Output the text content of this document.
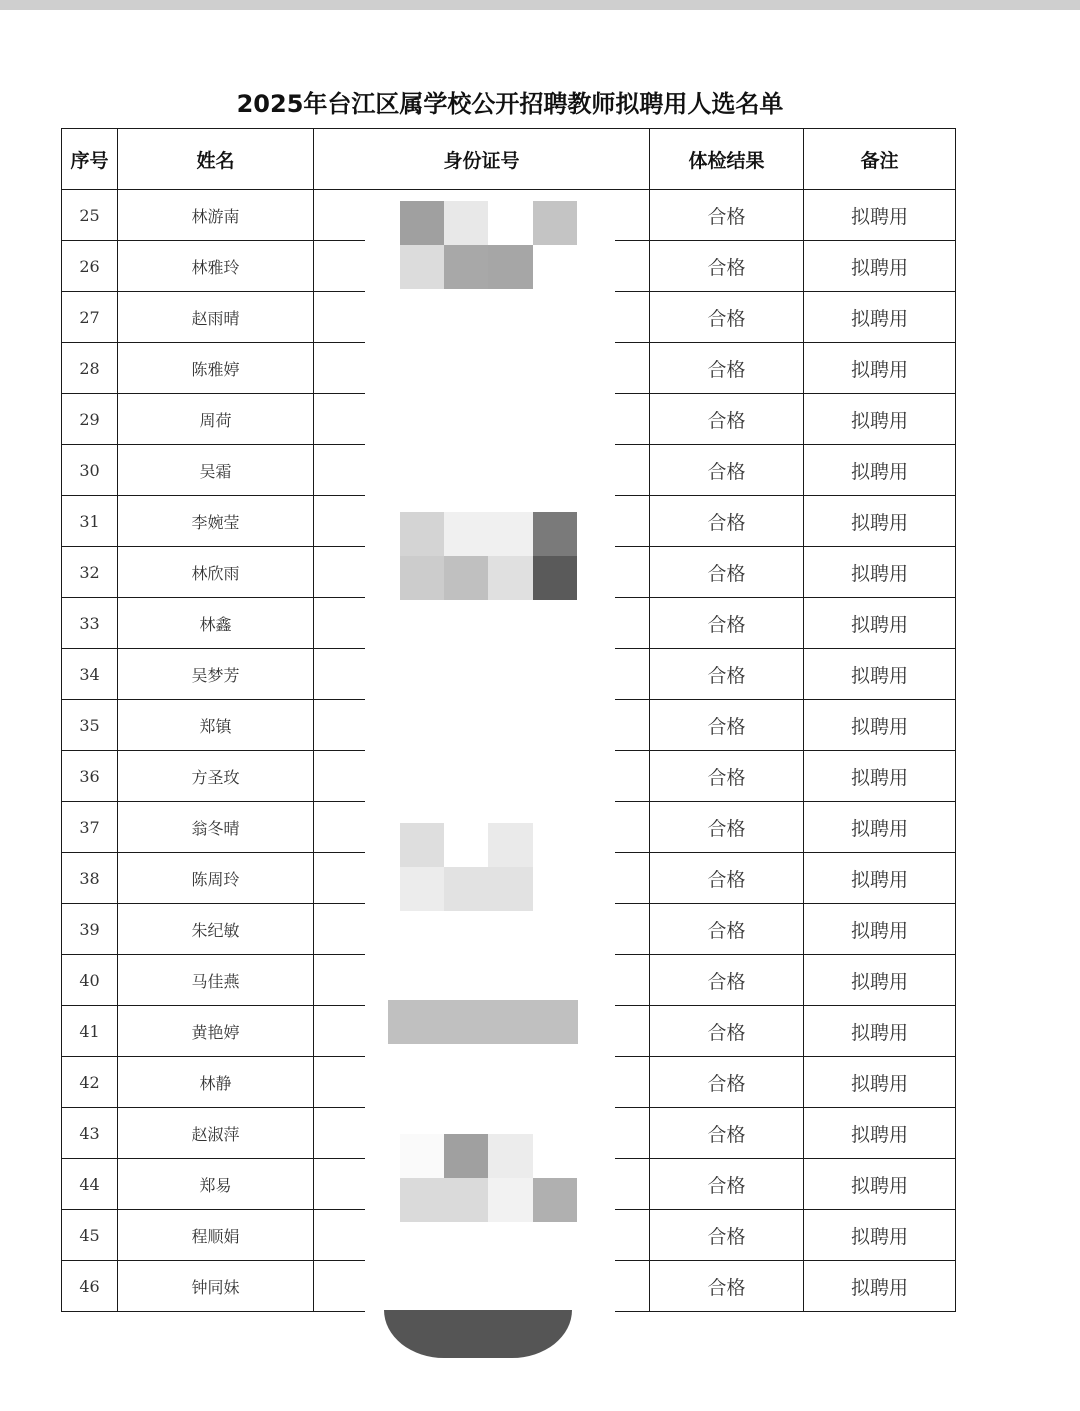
2025年台江区属学校公开招聘教师拟聘用人选名单
序号	姓名	身份证号	体检结果	备注
25	林游南		合格	拟聘用
26	林雅玲		合格	拟聘用
27	赵雨晴		合格	拟聘用
28	陈雅婷		合格	拟聘用
29	周荷		合格	拟聘用
30	吴霜		合格	拟聘用
31	李婉莹		合格	拟聘用
32	林欣雨		合格	拟聘用
33	林鑫		合格	拟聘用
34	吴梦芳		合格	拟聘用
35	郑镇		合格	拟聘用
36	方圣玫		合格	拟聘用
37	翁冬晴		合格	拟聘用
38	陈周玲		合格	拟聘用
39	朱纪敏		合格	拟聘用
40	马佳燕		合格	拟聘用
41	黄艳婷		合格	拟聘用
42	林静		合格	拟聘用
43	赵淑萍		合格	拟聘用
44	郑易		合格	拟聘用
45	程顺娟		合格	拟聘用
46	钟同妹		合格	拟聘用
